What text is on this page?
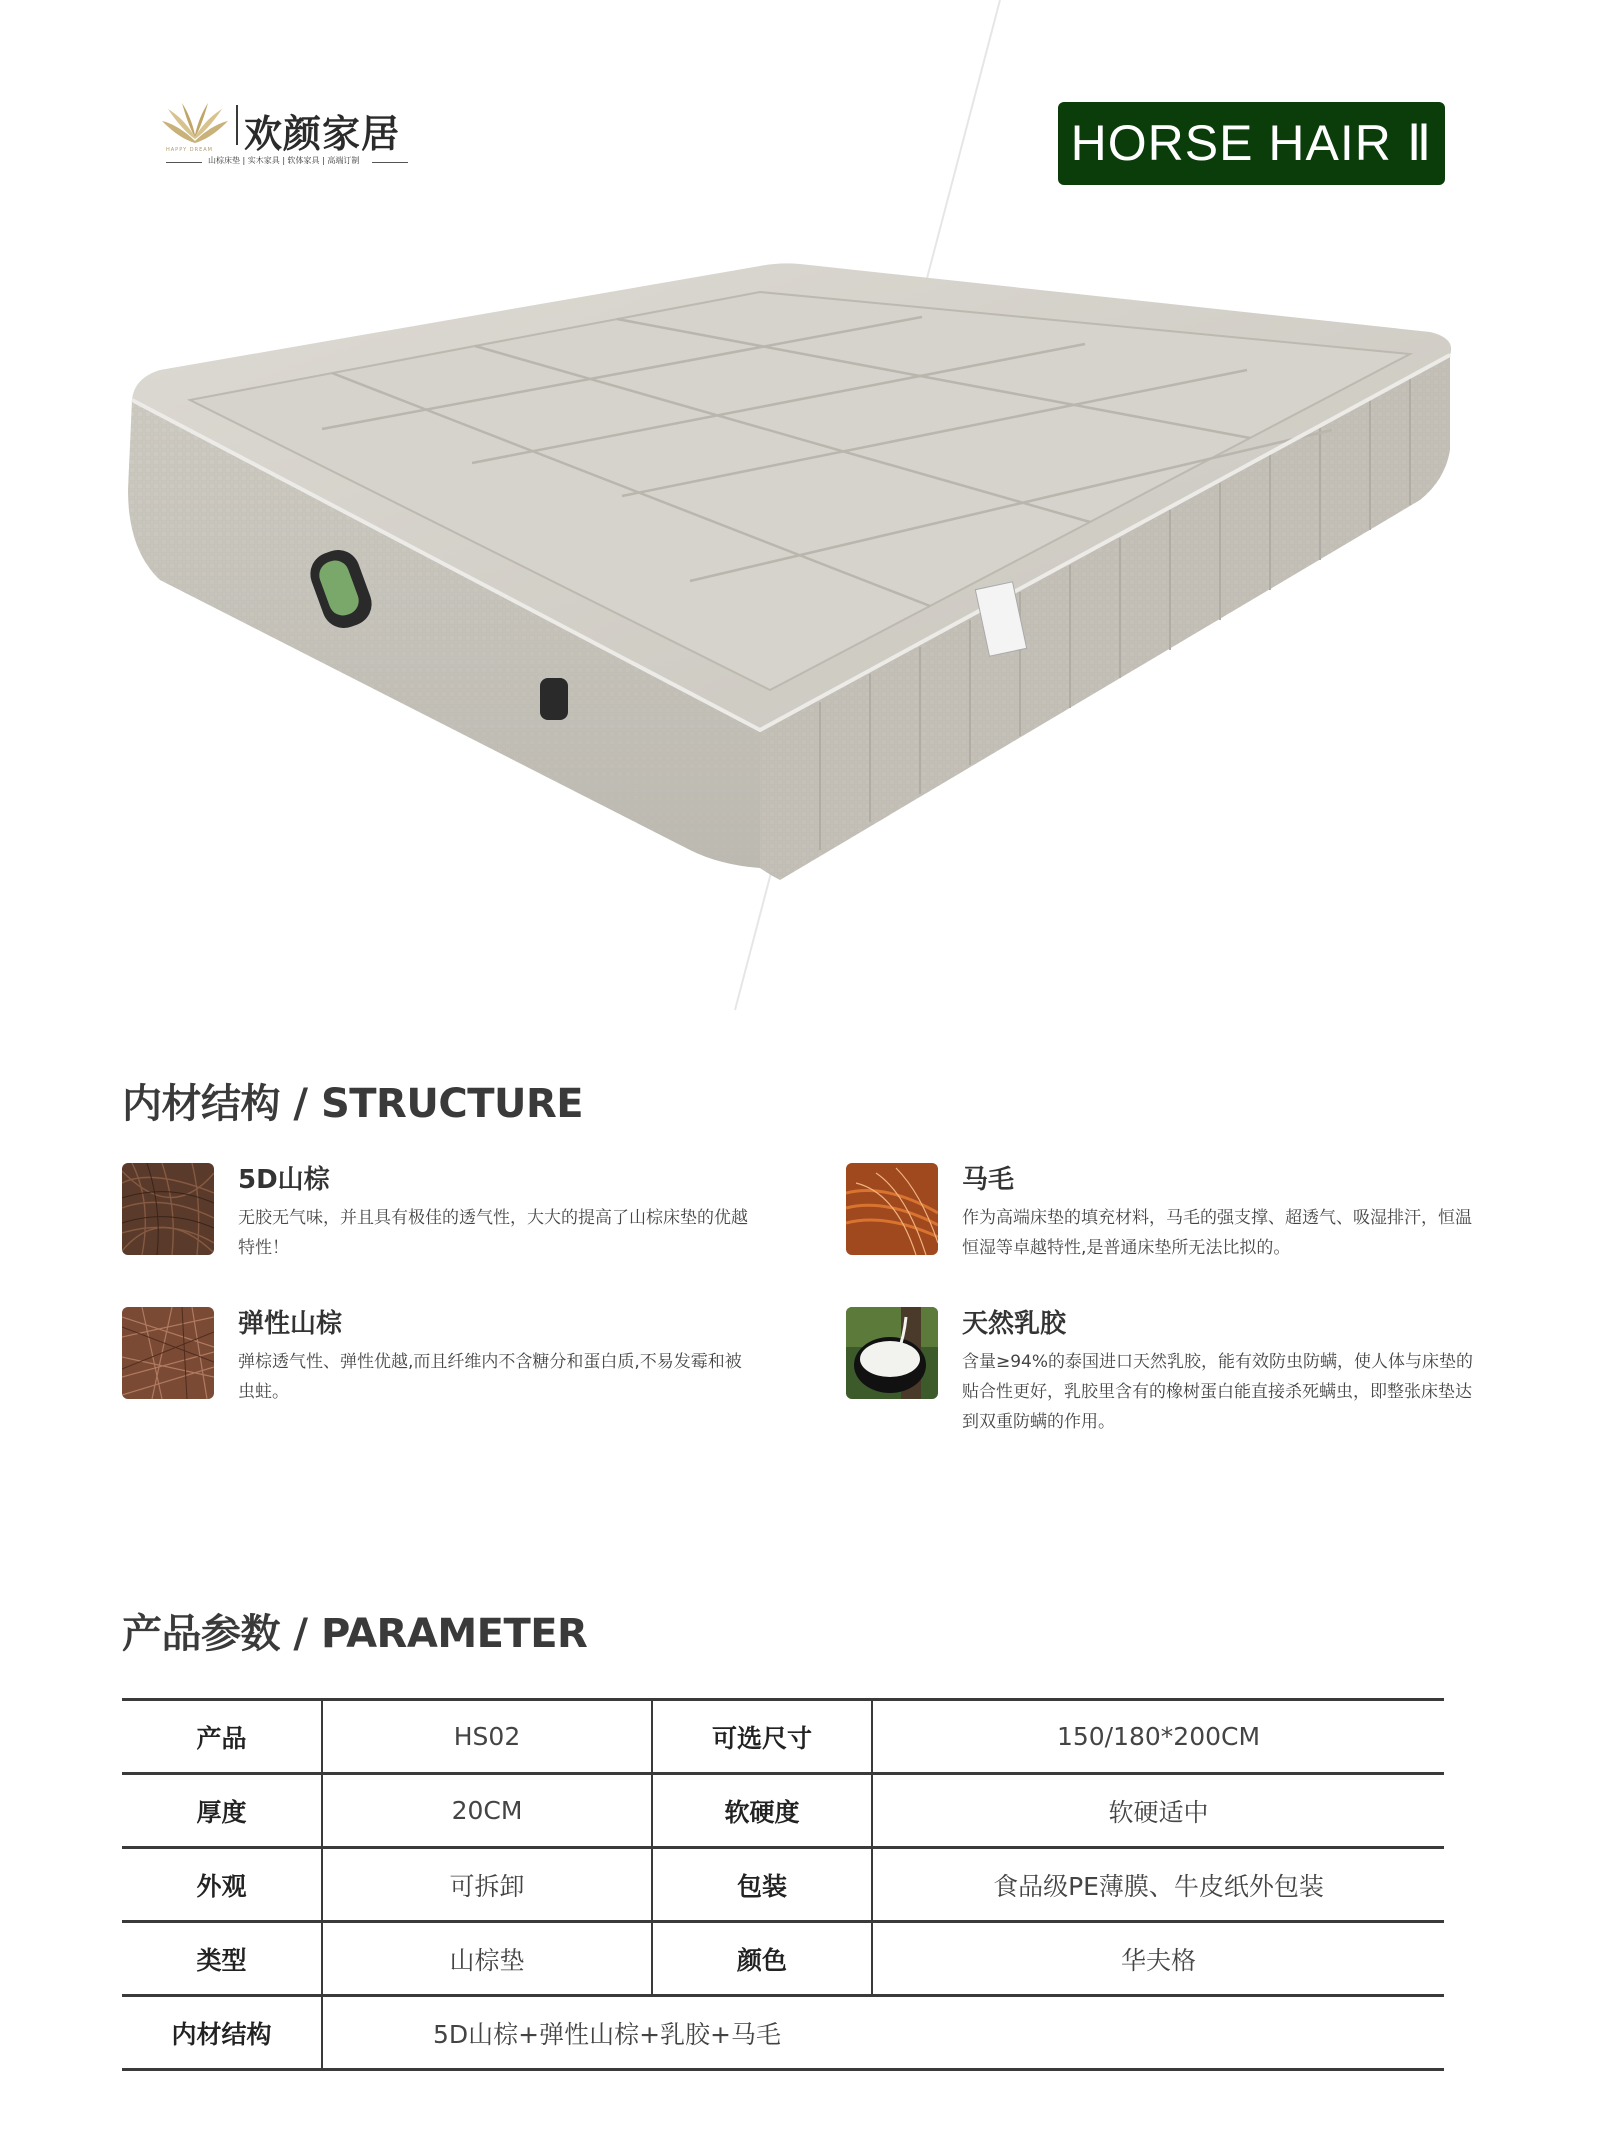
HAPPY DREAM 欢颜家居
山棕床垫 | 实木家具 | 软体家具 | 高端订制	HORSE HAIR Ⅱ
内材结构 / STRUCTURE
5D山棕
无胶无气味，并且具有极佳的透气性，大大的提高了山棕床垫的优越特性！
马毛
作为高端床垫的填充材料，马毛的强支撑、超透气、吸湿排汗，恒温恒湿等卓越特性,是普通床垫所无法比拟的。
弹性山棕
弹棕透气性、弹性优越,而且纤维内不含糖分和蛋白质,不易发霉和被虫蛀。
天然乳胶
含量≥94%的泰国进口天然乳胶，能有效防虫防螨，使人体与床垫的贴合性更好，乳胶里含有的橡树蛋白能直接杀死螨虫，即整张床垫达到双重防螨的作用。
产品参数 / PARAMETER
产品	HS02	可选尺寸	150/180*200CM
厚度	20CM	软硬度	软硬适中
外观	可拆卸	包装	食品级PE薄膜、牛皮纸外包装
类型	山棕垫	颜色	华夫格
内材结构	5D山棕+弹性山棕+乳胶+马毛		
